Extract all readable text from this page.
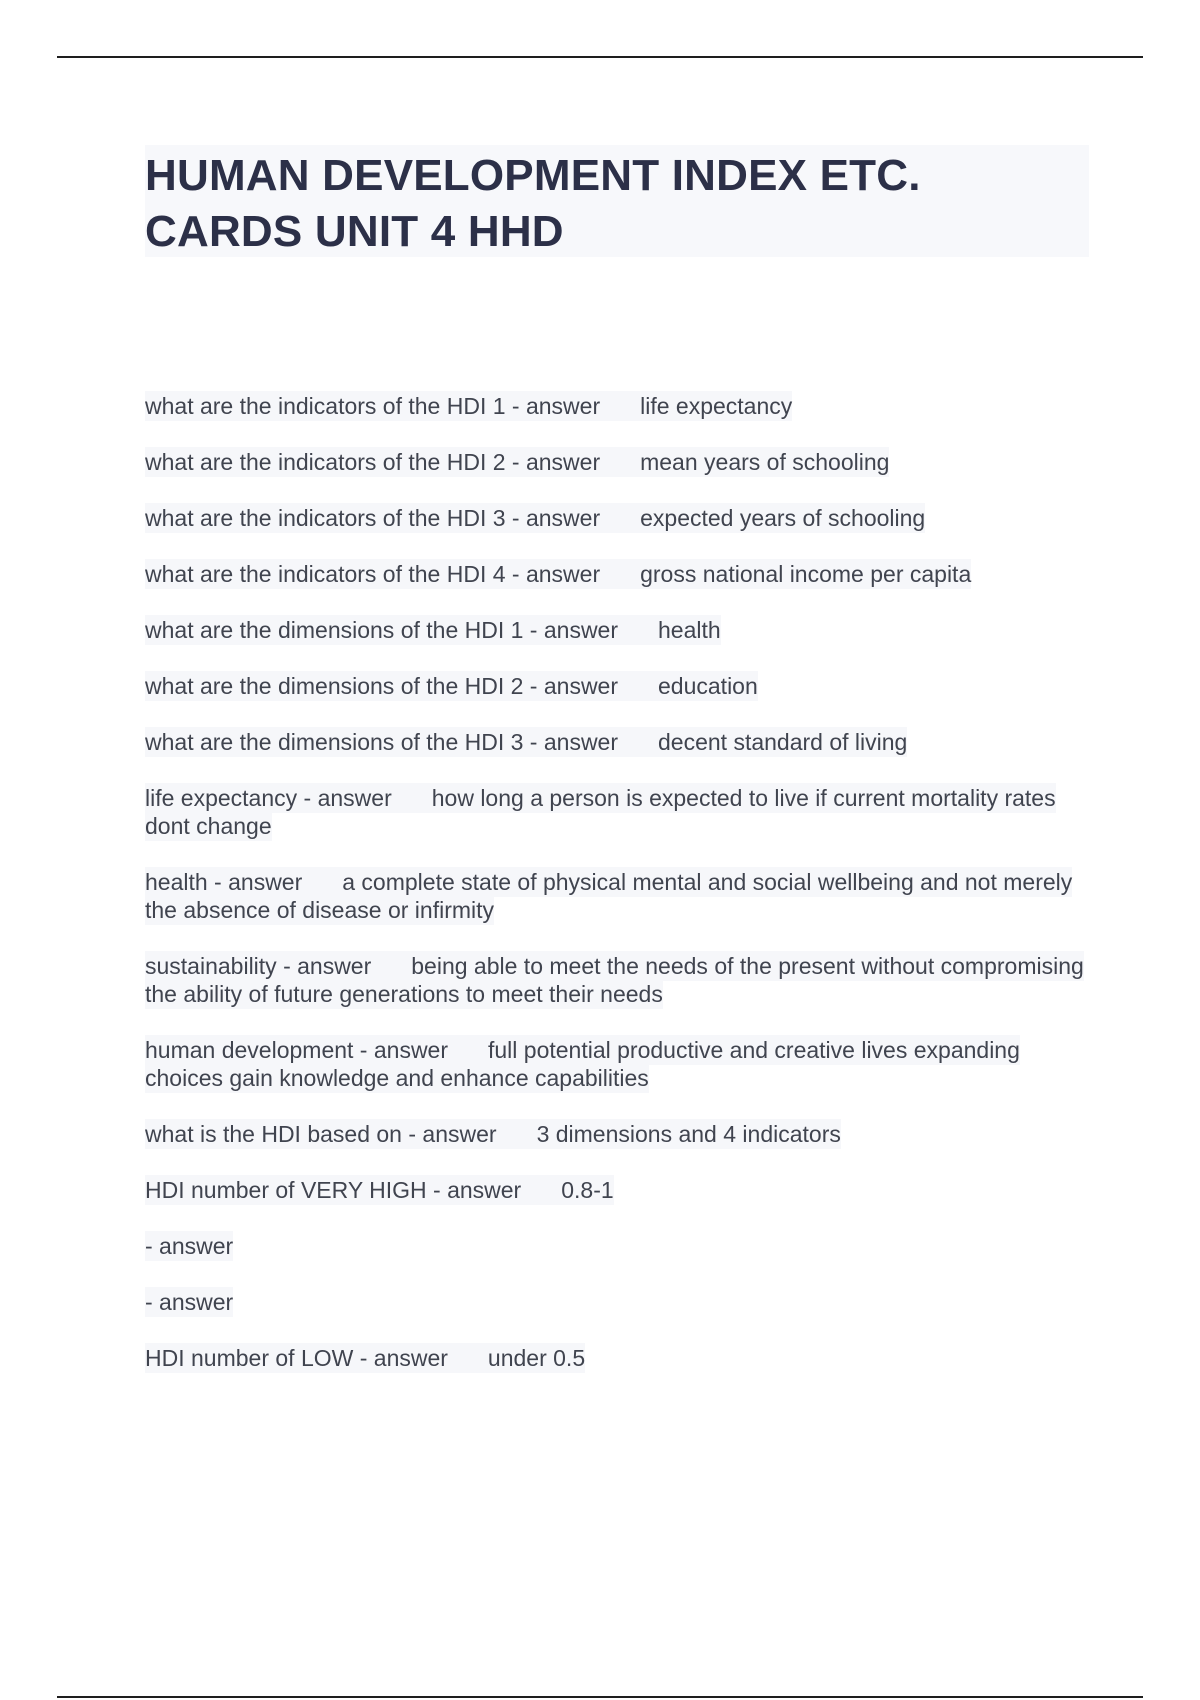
HUMAN DEVELOPMENT INDEX ETC. CARDS UNIT 4 HHD
what are the indicators of the HDI 1 - answer life expectancy
what are the indicators of the HDI 2 - answer mean years of schooling
what are the indicators of the HDI 3 - answer expected years of schooling
what are the indicators of the HDI 4 - answer gross national income per capita
what are the dimensions of the HDI 1 - answer health
what are the dimensions of the HDI 2 - answer education
what are the dimensions of the HDI 3 - answer decent standard of living
life expectancy - answer how long a person is expected to live if current mortality rates dont change
health - answer a complete state of physical mental and social wellbeing and not merely the absence of disease or infirmity
sustainability - answer being able to meet the needs of the present without compromising the ability of future generations to meet their needs
human development - answer full potential productive and creative lives expanding choices gain knowledge and enhance capabilities
what is the HDI based on - answer 3 dimensions and 4 indicators
HDI number of VERY HIGH - answer 0.8-1
- answer
- answer
HDI number of LOW - answer under 0.5
